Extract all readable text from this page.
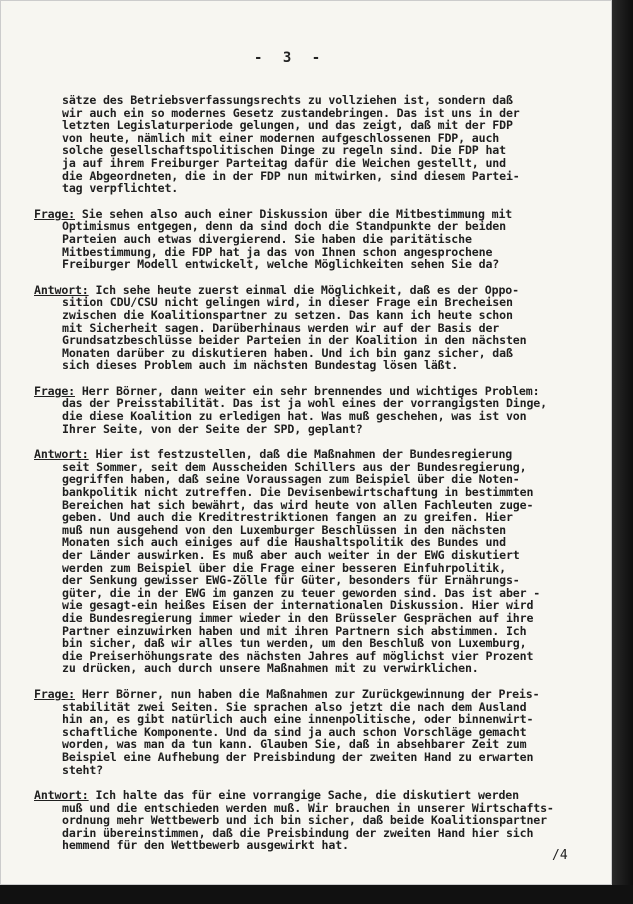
- 3 -
sätze des Betriebsverfassungsrechts zu vollziehen ist, sondern daß
wir auch ein so modernes Gesetz zustandebringen. Das ist uns in der
letzten Legislaturperiode gelungen, und das zeigt, daß mit der FDP
von heute, nämlich mit einer modernen aufgeschlossenen FDP, auch
solche gesellschaftspolitischen Dinge zu regeln sind. Die FDP hat
ja auf ihrem Freiburger Parteitag dafür die Weichen gestellt, und
die Abgeordneten, die in der FDP nun mitwirken, sind diesem Partei-
tag verpflichtet.
Frage: Sie sehen also auch einer Diskussion über die Mitbestimmung mit
Optimismus entgegen, denn da sind doch die Standpunkte der beiden
Parteien auch etwas divergierend. Sie haben die paritätische
Mitbestimmung, die FDP hat ja das von Ihnen schon angesprochene
Freiburger Modell entwickelt, welche Möglichkeiten sehen Sie da?
Antwort: Ich sehe heute zuerst einmal die Möglichkeit, daß es der Oppo-
sition CDU/CSU nicht gelingen wird, in dieser Frage ein Brecheisen
zwischen die Koalitionspartner zu setzen. Das kann ich heute schon
mit Sicherheit sagen. Darüberhinaus werden wir auf der Basis der
Grundsatzbeschlüsse beider Parteien in der Koalition in den nächsten
Monaten darüber zu diskutieren haben. Und ich bin ganz sicher, daß
sich dieses Problem auch im nächsten Bundestag lösen läßt.
Frage: Herr Börner, dann weiter ein sehr brennendes und wichtiges Problem:
das der Preisstabilität. Das ist ja wohl eines der vorrangigsten Dinge,
die diese Koalition zu erledigen hat. Was muß geschehen, was ist von
Ihrer Seite, von der Seite der SPD, geplant?
Antwort: Hier ist festzustellen, daß die Maßnahmen der Bundesregierung
seit Sommer, seit dem Ausscheiden Schillers aus der Bundesregierung,
gegriffen haben, daß seine Voraussagen zum Beispiel über die Noten-
bankpolitik nicht zutreffen. Die Devisenbewirtschaftung in bestimmten
Bereichen hat sich bewährt, das wird heute von allen Fachleuten zuge-
geben. Und auch die Kreditrestriktionen fangen an zu greifen. Hier
muß nun ausgehend von den Luxemburger Beschlüssen in den nächsten
Monaten sich auch einiges auf die Haushaltspolitik des Bundes und
der Länder auswirken. Es muß aber auch weiter in der EWG diskutiert
werden zum Beispiel über die Frage einer besseren Einfuhrpolitik,
der Senkung gewisser EWG-Zölle für Güter, besonders für Ernährungs-
güter, die in der EWG im ganzen zu teuer geworden sind. Das ist aber -
wie gesagt-ein heißes Eisen der internationalen Diskussion. Hier wird
die Bundesregierung immer wieder in den Brüsseler Gesprächen auf ihre
Partner einzuwirken haben und mit ihren Partnern sich abstimmen. Ich
bin sicher, daß wir alles tun werden, um den Beschluß von Luxemburg,
die Preiserhöhungsrate des nächsten Jahres auf möglichst vier Prozent
zu drücken, auch durch unsere Maßnahmen mit zu verwirklichen.
Frage: Herr Börner, nun haben die Maßnahmen zur Zurückgewinnung der Preis-
stabilität zwei Seiten. Sie sprachen also jetzt die nach dem Ausland
hin an, es gibt natürlich auch eine innenpolitische, oder binnenwirt-
schaftliche Komponente. Und da sind ja auch schon Vorschläge gemacht
worden, was man da tun kann. Glauben Sie, daß in absehbarer Zeit zum
Beispiel eine Aufhebung der Preisbindung der zweiten Hand zu erwarten
steht?
Antwort: Ich halte das für eine vorrangige Sache, die diskutiert werden
muß und die entschieden werden muß. Wir brauchen in unserer Wirtschafts-
ordnung mehr Wettbewerb und ich bin sicher, daß beide Koalitionspartner
darin übereinstimmen, daß die Preisbindung der zweiten Hand hier sich
hemmend für den Wettbewerb ausgewirkt hat.
/4
